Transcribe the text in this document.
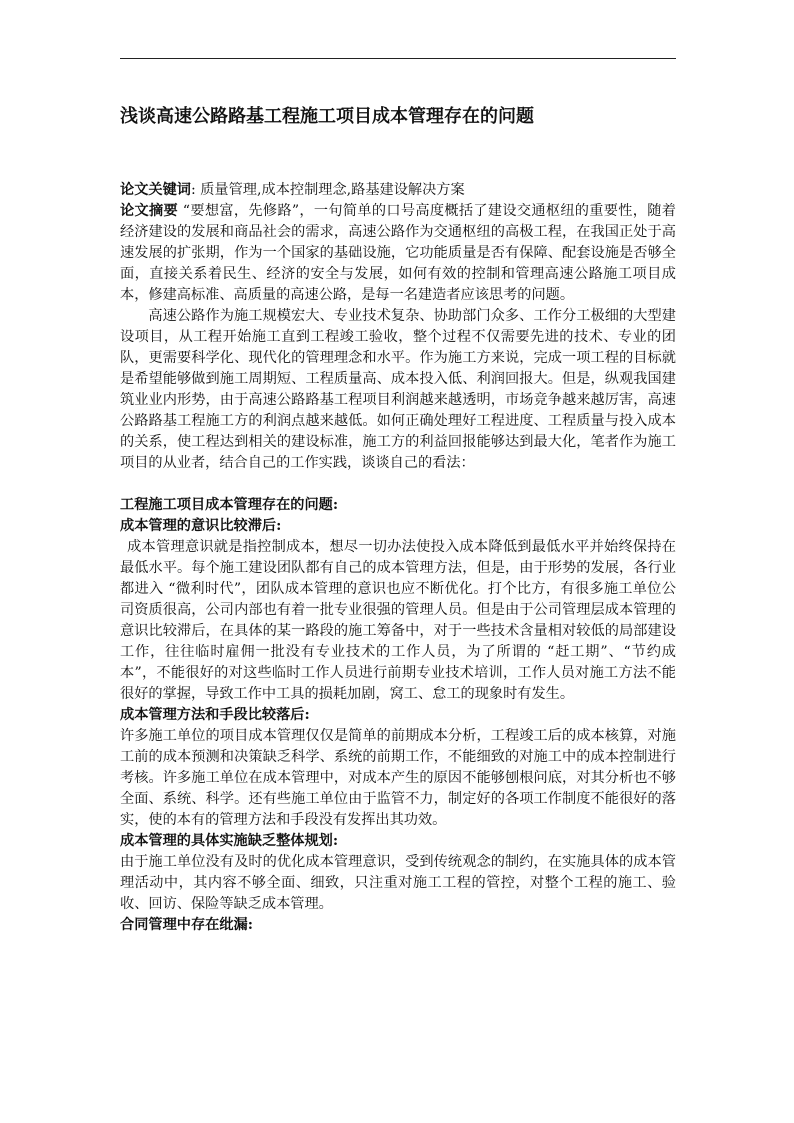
浅谈高速公路路基工程施工项目成本管理存在的问题

论文关键词: 质量管理,成本控制理念,路基建设解决方案

论文摘要 “要想富，先修路”，一句简单的口号高度概括了建设交通枢纽的重要性，随着经济建设的发展和商品社会的需求，高速公路作为交通枢纽的高极工程，在我国正处于高速发展的扩张期，作为一个国家的基础设施，它功能质量是否有保障、配套设施是否够全面，直接关系着民生、经济的安全与发展，如何有效的控制和管理高速公路施工项目成本，修建高标准、高质量的高速公路，是每一名建造者应该思考的问题。

高速公路作为施工规模宏大、专业技术复杂、协助部门众多、工作分工极细的大型建设项目，从工程开始施工直到工程竣工验收，整个过程不仅需要先进的技术、专业的团队，更需要科学化、现代化的管理理念和水平。作为施工方来说，完成一项工程的目标就是希望能够做到施工周期短、工程质量高、成本投入低、利润回报大。但是，纵观我国建筑业业内形势，由于高速公路路基工程项目利润越来越透明，市场竞争越来越厉害，高速公路路基工程施工方的利润点越来越低。如何正确处理好工程进度、工程质量与投入成本的关系，使工程达到相关的建设标准，施工方的利益回报能够达到最大化，笔者作为施工项目的从业者，结合自己的工作实践，谈谈自己的看法：

工程施工项目成本管理存在的问题:

成本管理的意识比较滞后:

成本管理意识就是指控制成本，想尽一切办法使投入成本降低到最低水平并始终保持在最低水平。每个施工建设团队都有自己的成本管理方法，但是，由于形势的发展，各行业都进入 “微利时代”，团队成本管理的意识也应不断优化。打个比方，有很多施工单位公司资质很高，公司内部也有着一批专业很强的管理人员。但是由于公司管理层成本管理的意识比较滞后，在具体的某一路段的施工筹备中，对于一些技术含量相对较低的局部建设工作，往往临时雇佣一批没有专业技术的工作人员，为了所谓的 “赶工期”、“节约成本”，不能很好的对这些临时工作人员进行前期专业技术培训，工作人员对施工方法不能很好的掌握，导致工作中工具的损耗加剧，窝工、怠工的现象时有发生。

成本管理方法和手段比较落后:

许多施工单位的项目成本管理仅仅是简单的前期成本分析，工程竣工后的成本核算，对施工前的成本预测和决策缺乏科学、系统的前期工作，不能细致的对施工中的成本控制进行考核。许多施工单位在成本管理中，对成本产生的原因不能够刨根问底，对其分析也不够全面、系统、科学。还有些施工单位由于监管不力，制定好的各项工作制度不能很好的落实，使的本有的管理方法和手段没有发挥出其功效。

成本管理的具体实施缺乏整体规划:

由于施工单位没有及时的优化成本管理意识，受到传统观念的制约，在实施具体的成本管理活动中，其内容不够全面、细致，只注重对施工工程的管控，对整个工程的施工、验收、回访、保险等缺乏成本管理。

合同管理中存在纰漏:
